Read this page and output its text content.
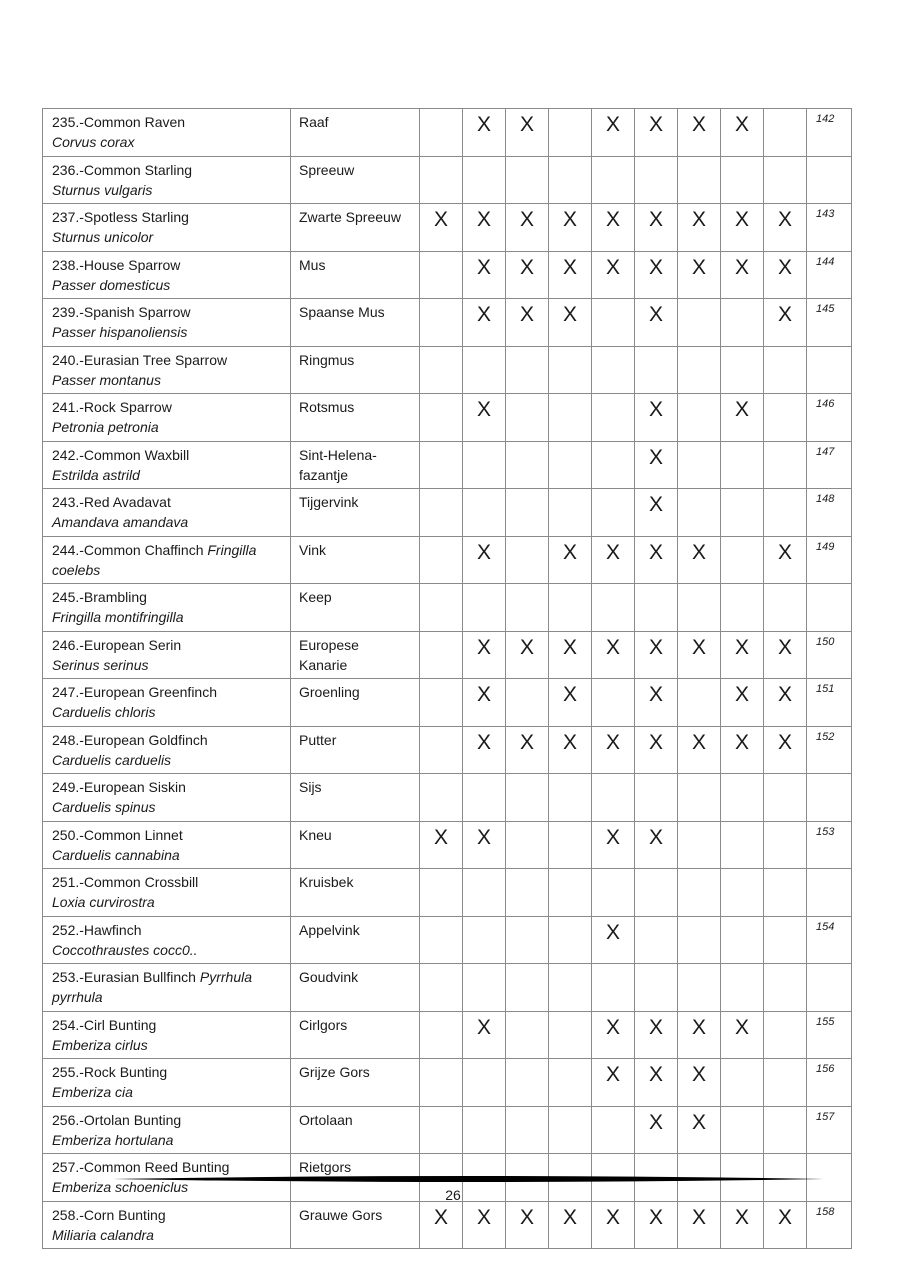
235.-Common Raven
Corvus corax	Raaf		X	X		X	X	X	X		142
236.-Common Starling
Sturnus vulgaris	Spreeuw										
237.-Spotless Starling
Sturnus unicolor	Zwarte Spreeuw	X	X	X	X	X	X	X	X	X	143
238.-House Sparrow
Passer domesticus	Mus		X	X	X	X	X	X	X	X	144
239.-Spanish Sparrow
Passer hispanoliensis	Spaanse Mus		X	X	X		X			X	145
240.-Eurasian Tree Sparrow
Passer montanus	Ringmus										
241.-Rock Sparrow
Petronia petronia	Rotsmus		X				X		X		146
242.-Common Waxbill
Estrilda astrild	Sint-Helena-fazantje						X				147
243.-Red Avadavat
Amandava amandava	Tijgervink						X				148
244.-Common Chaffinch Fringilla coelebs	Vink		X		X	X	X	X		X	149
245.-Brambling
Fringilla montifringilla	Keep										
246.-European Serin
Serinus serinus	Europese Kanarie		X	X	X	X	X	X	X	X	150
247.-European Greenfinch
Carduelis chloris	Groenling		X		X		X		X	X	151
248.-European Goldfinch
Carduelis carduelis	Putter		X	X	X	X	X	X	X	X	152
249.-European Siskin
Carduelis spinus	Sijs										
250.-Common Linnet
Carduelis cannabina	Kneu	X	X			X	X				153
251.-Common Crossbill
Loxia curvirostra	Kruisbek										
252.-Hawfinch
Coccothraustes cocc0..	Appelvink					X					154
253.-Eurasian Bullfinch Pyrrhula pyrrhula	Goudvink										
254.-Cirl Bunting
Emberiza cirlus	Cirlgors		X			X	X	X	X		155
255.-Rock Bunting
Emberiza cia	Grijze Gors					X	X	X			156
256.-Ortolan Bunting
Emberiza hortulana	Ortolaan						X	X			157
257.-Common Reed Bunting
Emberiza schoeniclus	Rietgors										
258.-Corn Bunting
Miliaria calandra	Grauwe Gors	X	X	X	X	X	X	X	X	X	158
26
